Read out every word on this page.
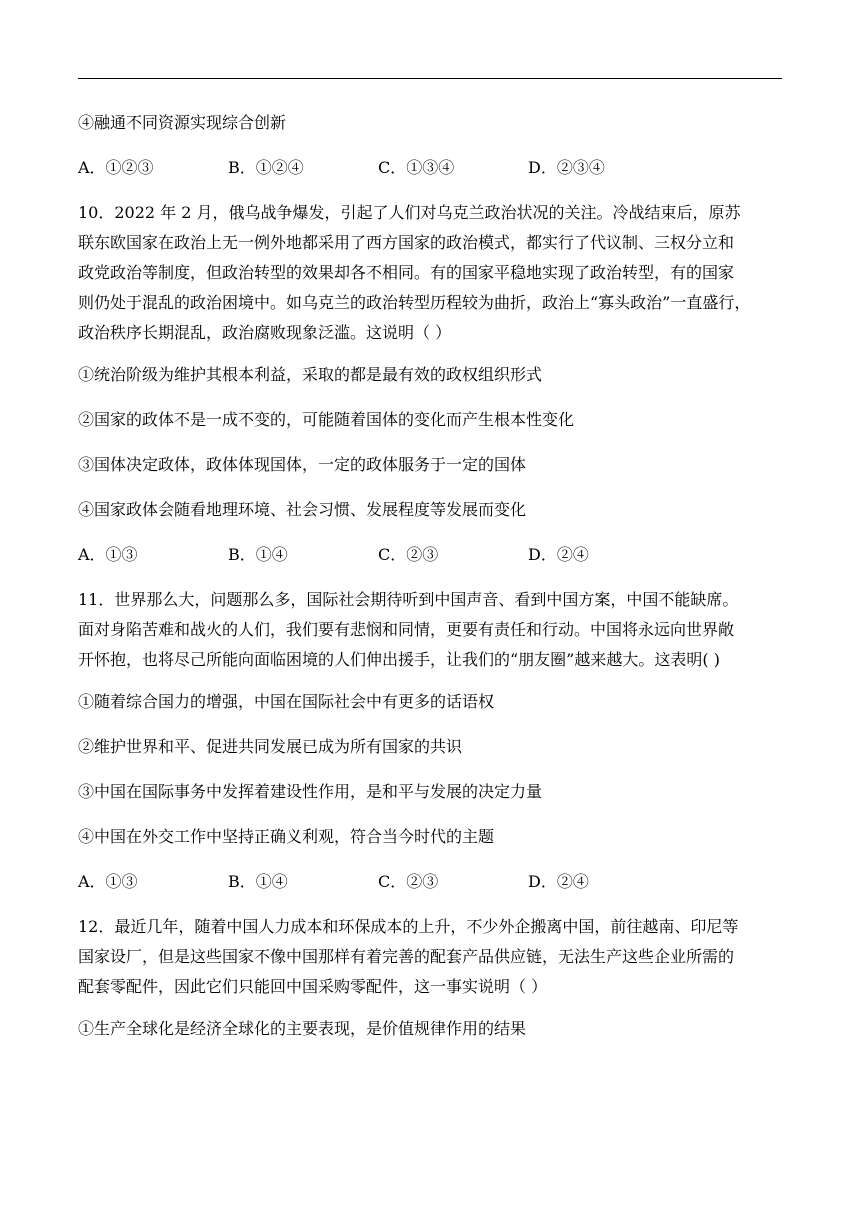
④融通不同资源实现综合创新
A．①②③	B．①②④	C．①③④	D．②③④
10．2022 年 2 月，俄乌战争爆发，引起了人们对乌克兰政治状况的关注。冷战结束后，原苏
联东欧国家在政治上无一例外地都采用了西方国家的政治模式，都实行了代议制、三权分立和
政党政治等制度，但政治转型的效果却各不相同。有的国家平稳地实现了政治转型，有的国家
则仍处于混乱的政治困境中。如乌克兰的政治转型历程较为曲折，政治上“寡头政治”一直盛行，
政治秩序长期混乱，政治腐败现象泛滥。这说明（ ）
①统治阶级为维护其根本利益，采取的都是最有效的政权组织形式
②国家的政体不是一成不变的，可能随着国体的变化而产生根本性变化
③国体决定政体，政体体现国体，一定的政体服务于一定的国体
④国家政体会随看地理环境、社会习惯、发展程度等发展而变化
A．①③	B．①④	C．②③	D．②④
11．世界那么大，问题那么多，国际社会期待听到中国声音、看到中国方案，中国不能缺席。
面对身陷苦难和战火的人们，我们要有悲悯和同情，更要有责任和行动。中国将永远向世界敞
开怀抱，也将尽己所能向面临困境的人们伸出援手，让我们的“朋友圈”越来越大。这表明( )
①随着综合国力的增强，中国在国际社会中有更多的话语权
②维护世界和平、促进共同发展已成为所有国家的共识
③中国在国际事务中发挥着建设性作用，是和平与发展的决定力量
④中国在外交工作中坚持正确义利观，符合当今时代的主题
A．①③	B．①④	C．②③	D．②④
12．最近几年，随着中国人力成本和环保成本的上升，不少外企搬离中国，前往越南、印尼等
国家设厂，但是这些国家不像中国那样有着完善的配套产品供应链，无法生产这些企业所需的
配套零配件，因此它们只能回中国采购零配件，这一事实说明（ ）
①生产全球化是经济全球化的主要表现，是价值规律作用的结果
